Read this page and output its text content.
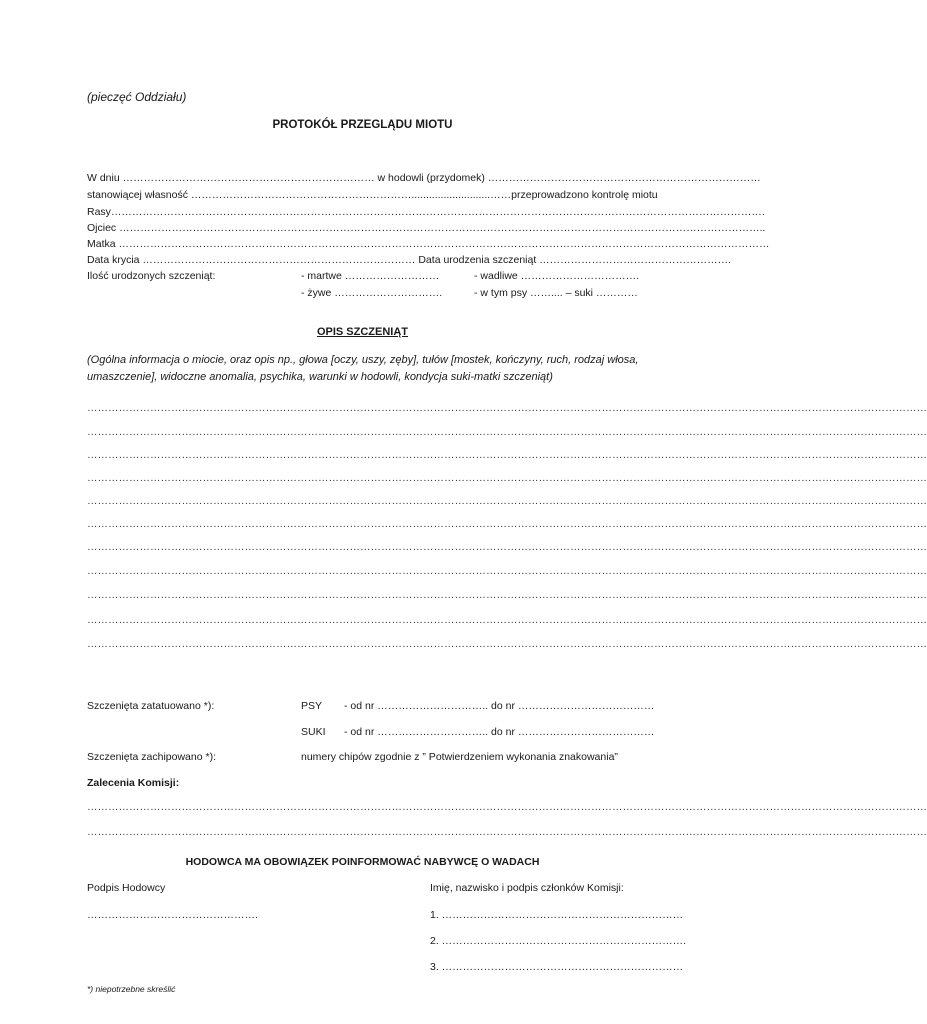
(pieczęć Oddziału)
PROTOKÓŁ PRZEGLĄDU MIOTU
W dniu ……………………………………………………………… w hodowli (przydomek) ……………………………………………………………………
stanowiącej własność ………………………………………………………...........................……przeprowadzono kontrolę miotu
Rasy…………………………………………………………………………………………………………………………………………………………………….
Ojciec …………………………………………………………………………………………………………………………………………………………………..
Matka ……………………………………………………………………………………………………………………………………………………………………
Data krycia …………………………………………………………………… Data urodzenia szczeniąt ……………………………………………….
Ilość urodzonych szczeniąt:	- martwe ………………………	- wadliwe …………………………….
- żywe ………………………….	- w tym psy …….... – suki …………
OPIS SZCZENIĄT
(Ogólna informacja o miocie, oraz opis np., głowa [oczy, uszy, zęby], tułów [mostek, kończyny, ruch, rodzaj włosa, umaszczenie], widoczne anomalia, psychika, warunki w hodowli, kondycja suki-matki szczeniąt)
……………………………………………………………………………………………………………………………………………………………………………………………………………………
……………………………………………………………………………………………………………………………………………………………………………………………………………………
……………………………………………………………………………………………………………………………………………………………………………………………………………………
……………………………………………………………………………………………………………………………………………………………………………………………………………………
……………………………………………………………………………………………………………………………………………………………………………………………………………………
……………………………………………………………………………………………………………………………………………………………………………………………………………………
……………………………………………………………………………………………………………………………………………………………………………………………………………………
……………………………………………………………………………………………………………………………………………………………………………………………………………………
……………………………………………………………………………………………………………………………………………………………………………………………………………………
……………………………………………………………………………………………………………………………………………………………………………………………………………………
……………………………………………………………………………………………………………………………………………………………………………………………………………………
Szczenięta zatatuowano *):	PSY - od nr ………………………….. do nr …………………………………
SUKI - od nr ………………………….. do nr …………………………………
Szczenięta zachipowano *):	numery chipów zgodnie z ” Potwierdzeniem wykonania znakowania”
Zalecenia Komisji:
……………………………………………………………………………………………………………………………………………………………………………………………………………………
……………………………………………………………………………………………………………………………………………………………………………………………………………………
HODOWCA MA OBOWIĄZEK POINFORMOWAĆ NABYWCĘ O WADACH
Podpis Hodowcy	Imię, nazwisko i podpis członków Komisji:
………………………………………….	1. ……………………………………………………………
2. …………………………………………………………….
3. ……………………………………………………………
*) niepotrzebne skreślić
